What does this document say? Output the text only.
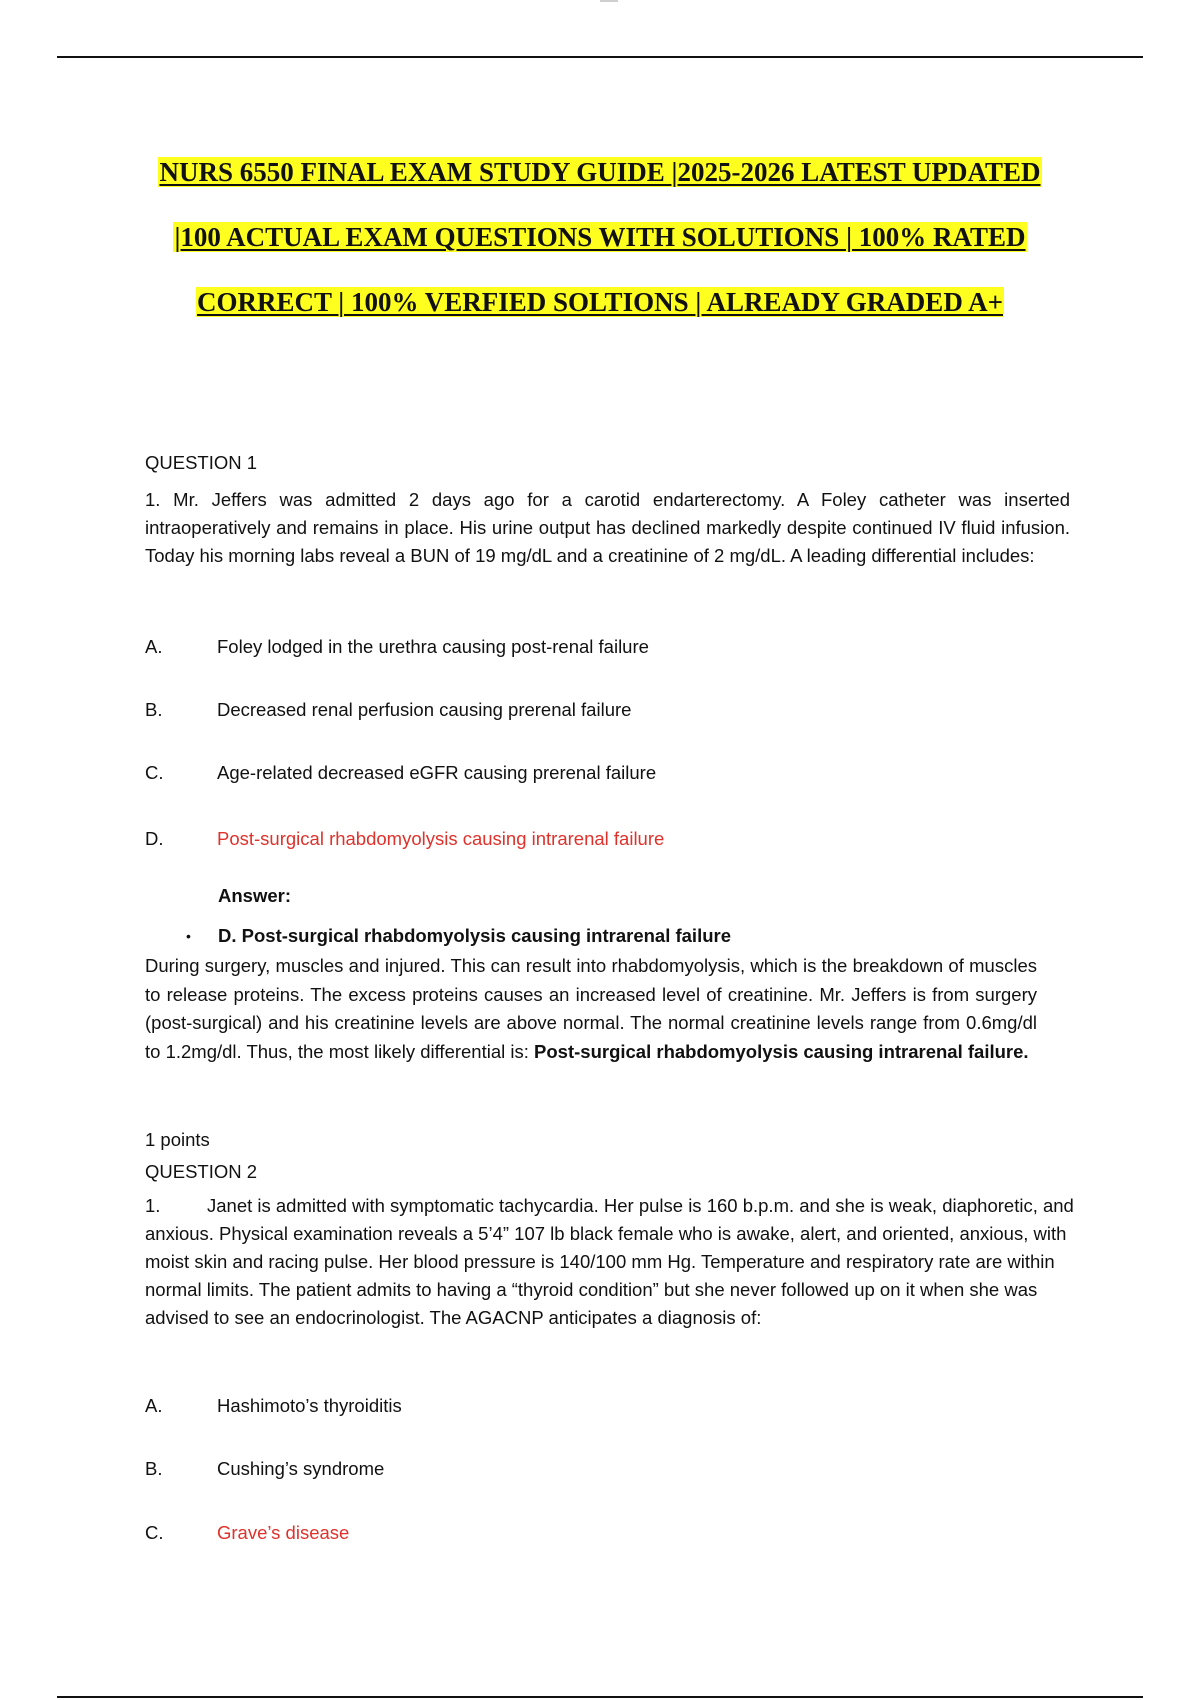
NURS 6550 FINAL EXAM STUDY GUIDE |2025-2026 LATEST UPDATED
|100 ACTUAL EXAM QUESTIONS WITH SOLUTIONS | 100% RATED
CORRECT | 100% VERFIED SOLTIONS | ALREADY GRADED A+
QUESTION 1
1. Mr. Jeffers was admitted 2 days ago for a carotid endarterectomy. A Foley catheter was inserted intraoperatively and remains in place. His urine output has declined markedly despite continued IV fluid infusion. Today his morning labs reveal a BUN of 19 mg/dL and a creatinine of 2 mg/dL. A leading differential includes:
A.	Foley lodged in the urethra causing post-renal failure
B.	Decreased renal perfusion causing prerenal failure
C.	Age-related decreased eGFR causing prerenal failure
D.	Post-surgical rhabdomyolysis causing intrarenal failure
Answer:
• D. Post-surgical rhabdomyolysis causing intrarenal failure
During surgery, muscles and injured. This can result into rhabdomyolysis, which is the breakdown of muscles to release proteins. The excess proteins causes an increased level of creatinine. Mr. Jeffers is from surgery (post-surgical) and his creatinine levels are above normal. The normal creatinine levels range from 0.6mg/dl to 1.2mg/dl. Thus, the most likely differential is: Post-surgical rhabdomyolysis causing intrarenal failure.
1 points
QUESTION 2
1.	Janet is admitted with symptomatic tachycardia. Her pulse is 160 b.p.m. and she is weak, diaphoretic, and anxious. Physical examination reveals a 5’4” 107 lb black female who is awake, alert, and oriented, anxious, with moist skin and racing pulse. Her blood pressure is 140/100 mm Hg. Temperature and respiratory rate are within normal limits. The patient admits to having a “thyroid condition” but she never followed up on it when she was advised to see an endocrinologist. The AGACNP anticipates a diagnosis of:
A.	Hashimoto’s thyroiditis
B.	Cushing’s syndrome
C.	Grave’s disease
